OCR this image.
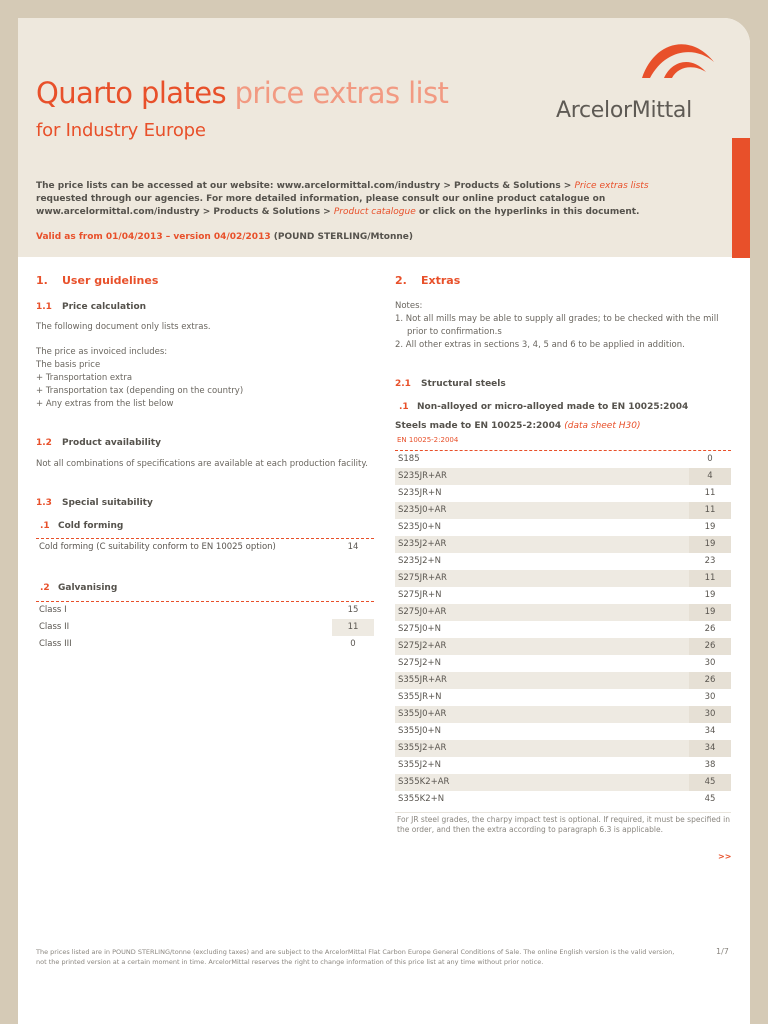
Quarto plates price extras list
for Industry Europe
ArcelorMittal
The price lists can be accessed at our website: www.arcelormittal.com/industry > Products & Solutions > Price extras lists requested through our agencies. For more detailed information, please consult our online product catalogue on www.arcelormittal.com/industry > Products & Solutions > Product catalogue or click on the hyperlinks in this document.
Valid as from 01/04/2013 – version 04/02/2013 (POUND STERLING/Mtonne)
1. User guidelines
1.1 Price calculation
The following document only lists extras.
The price as invoiced includes:
The basis price
+ Transportation extra
+ Transportation tax (depending on the country)
+ Any extras from the list below
1.2 Product availability
Not all combinations of specifications are available at each production facility.
1.3 Special suitability
.1 Cold forming
Cold forming (C suitability conform to EN 10025 option)	14
.2 Galvanising
Class I	15
Class II	11
Class III	0
2. Extras
Notes:
1. Not all mills may be able to supply all grades; to be checked with the mill
prior to confirmation.s
2. All other extras in sections 3, 4, 5 and 6 to be applied in addition.
2.1 Structural steels
.1 Non-alloyed or micro-alloyed made to EN 10025:2004
Steels made to EN 10025-2:2004 (data sheet H30)
EN 10025-2:2004
S185	0
S235JR+AR	4
S235JR+N	11
S235J0+AR	11
S235J0+N	19
S235J2+AR	19
S235J2+N	23
S275JR+AR	11
S275JR+N	19
S275J0+AR	19
S275J0+N	26
S275J2+AR	26
S275J2+N	30
S355JR+AR	26
S355JR+N	30
S355J0+AR	30
S355J0+N	34
S355J2+AR	34
S355J2+N	38
S355K2+AR	45
S355K2+N	45
For JR steel grades, the charpy impact test is optional. If required, it must be specified in the order, and then the extra according to paragraph 6.3 is applicable.
>>
The prices listed are in POUND STERLING/tonne (excluding taxes) and are subject to the ArcelorMittal Flat Carbon Europe General Conditions of Sale. The online English version is the valid version, not the printed version at a certain moment in time. ArcelorMittal reserves the right to change information of this price list at any time without prior notice.
1/7
